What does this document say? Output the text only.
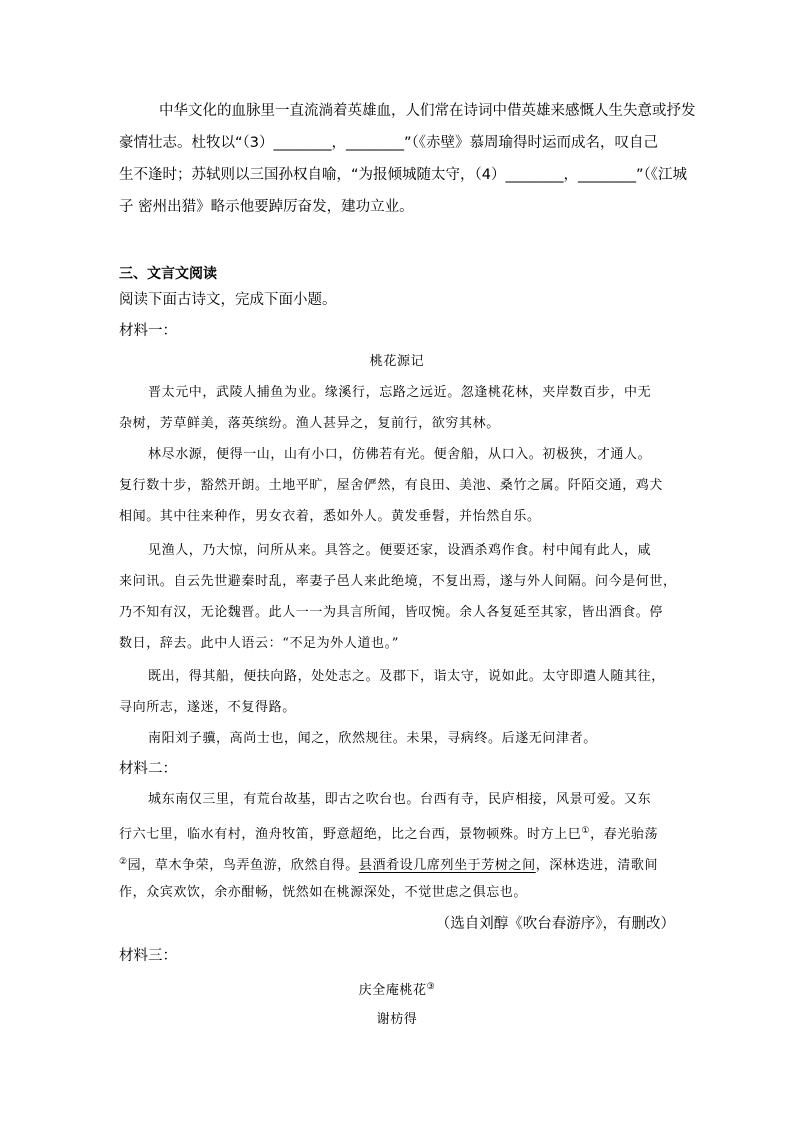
中华文化的血脉里一直流淌着英雄血，人们常在诗词中借英雄来感慨人生失意或抒发
豪情壮志。杜牧以“（3）________，________”（《赤壁》慕周瑜得时运而成名，叹自己
生不逢时；苏轼则以三国孙权自喻，“为报倾城随太守，（4）________，________”（《江城
子 密州出猎》略示他要踔厉奋发，建功立业。
三、文言文阅读
阅读下面古诗文，完成下面小题。
材料一：
桃花源记
晋太元中，武陵人捕鱼为业。缘溪行，忘路之远近。忽逢桃花林，夹岸数百步，中无
杂树，芳草鲜美，落英缤纷。渔人甚异之，复前行，欲穷其林。
林尽水源，便得一山，山有小口，仿佛若有光。便舍船，从口入。初极狭，才通人。
复行数十步，豁然开朗。土地平旷，屋舍俨然，有良田、美池、桑竹之属。阡陌交通，鸡犬
相闻。其中往来种作，男女衣着，悉如外人。黄发垂髫，并怡然自乐。
见渔人，乃大惊，问所从来。具答之。便要还家，设酒杀鸡作食。村中闻有此人，咸
来问讯。自云先世避秦时乱，率妻子邑人来此绝境，不复出焉，遂与外人间隔。问今是何世，
乃不知有汉，无论魏晋。此人一一为具言所闻，皆叹惋。余人各复延至其家，皆出酒食。停
数日，辞去。此中人语云：“不足为外人道也。”
既出，得其船，便扶向路，处处志之。及郡下，诣太守，说如此。太守即遣人随其往，
寻向所志，遂迷，不复得路。
南阳刘子骥，高尚士也，闻之，欣然规往。未果，寻病终。后遂无问津者。
材料二：
城东南仅三里，有荒台故基，即古之吹台也。台西有寺，民庐相接，风景可爱。又东
行六七里，临水有村，渔舟牧笛，野意超绝，比之台西，景物顿殊。时方上巳①，春光骀荡
②园，草木争荣，鸟弄鱼游，欣然自得。县酒肴设几席列坐于芳树之间，深林迭进，清歌间
作，众宾欢饮，余亦酣畅，恍然如在桃源深处，不觉世虑之俱忘也。
（选自刘醇《吹台春游序》，有删改）
材料三：
庆全庵桃花③
谢枋得
